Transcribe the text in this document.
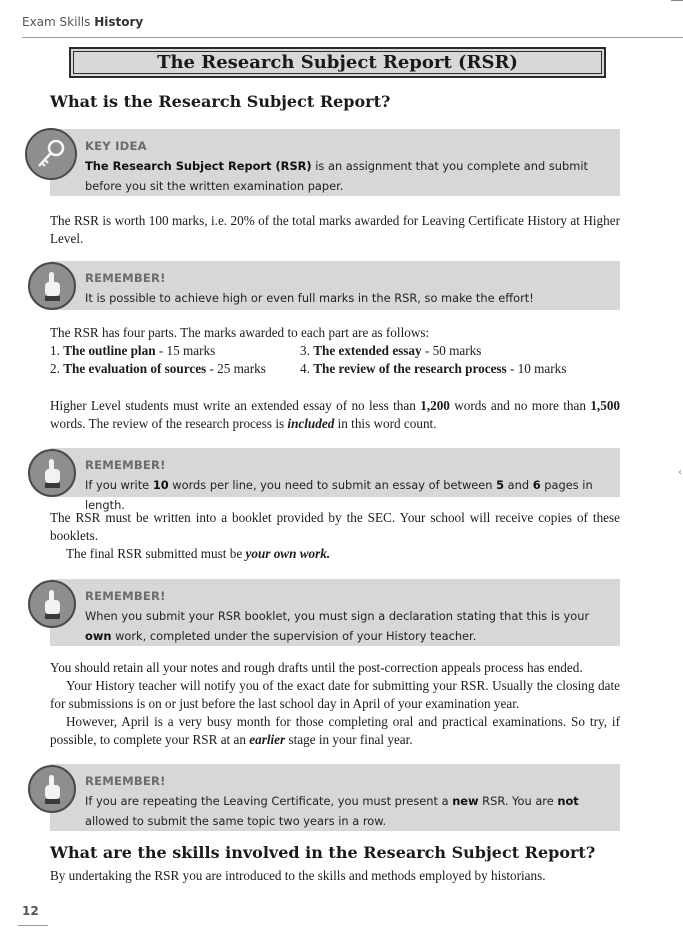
Exam Skills History
‹
The Research Subject Report (RSR)
What is the Research Subject Report?
KEY IDEA
The Research Subject Report (RSR) is an assignment that you complete and submit before you sit the written examination paper.

The RSR is worth 100 marks, i.e. 20% of the total marks awarded for Leaving Certificate History at Higher Level.

REMEMBER!
It is possible to achieve high or even full marks in the RSR, so make the effort!

The RSR has four parts. The marks awarded to each part are as follows:

1. The outline plan - 15 marks	3. The extended essay - 50 marks
2. The evaluation of sources - 25 marks	4. The review of the research process - 10 marks

Higher Level students must write an extended essay of no less than 1,200 words and no more than 1,500 words. The review of the research process is included in this word count.

REMEMBER!
If you write 10 words per line, you need to submit an essay of between 5 and 6 pages in length.

The RSR must be written into a booklet provided by the SEC. Your school will receive copies of these booklets.
The final RSR submitted must be your own work.

REMEMBER!
When you submit your RSR booklet, you must sign a declaration stating that this is your own work, completed under the supervision of your History teacher.

You should retain all your notes and rough drafts until the post-correction appeals process has ended.
Your History teacher will notify you of the exact date for submitting your RSR. Usually the closing date for submissions is on or just before the last school day in April of your examination year.
However, April is a very busy month for those completing oral and practical examinations. So try, if possible, to complete your RSR at an earlier stage in your final year.

REMEMBER!
If you are repeating the Leaving Certificate, you must present a new RSR. You are not allowed to submit the same topic two years in a row.
What are the skills involved in the Research Subject Report?

By undertaking the RSR you are introduced to the skills and methods employed by historians.

12
